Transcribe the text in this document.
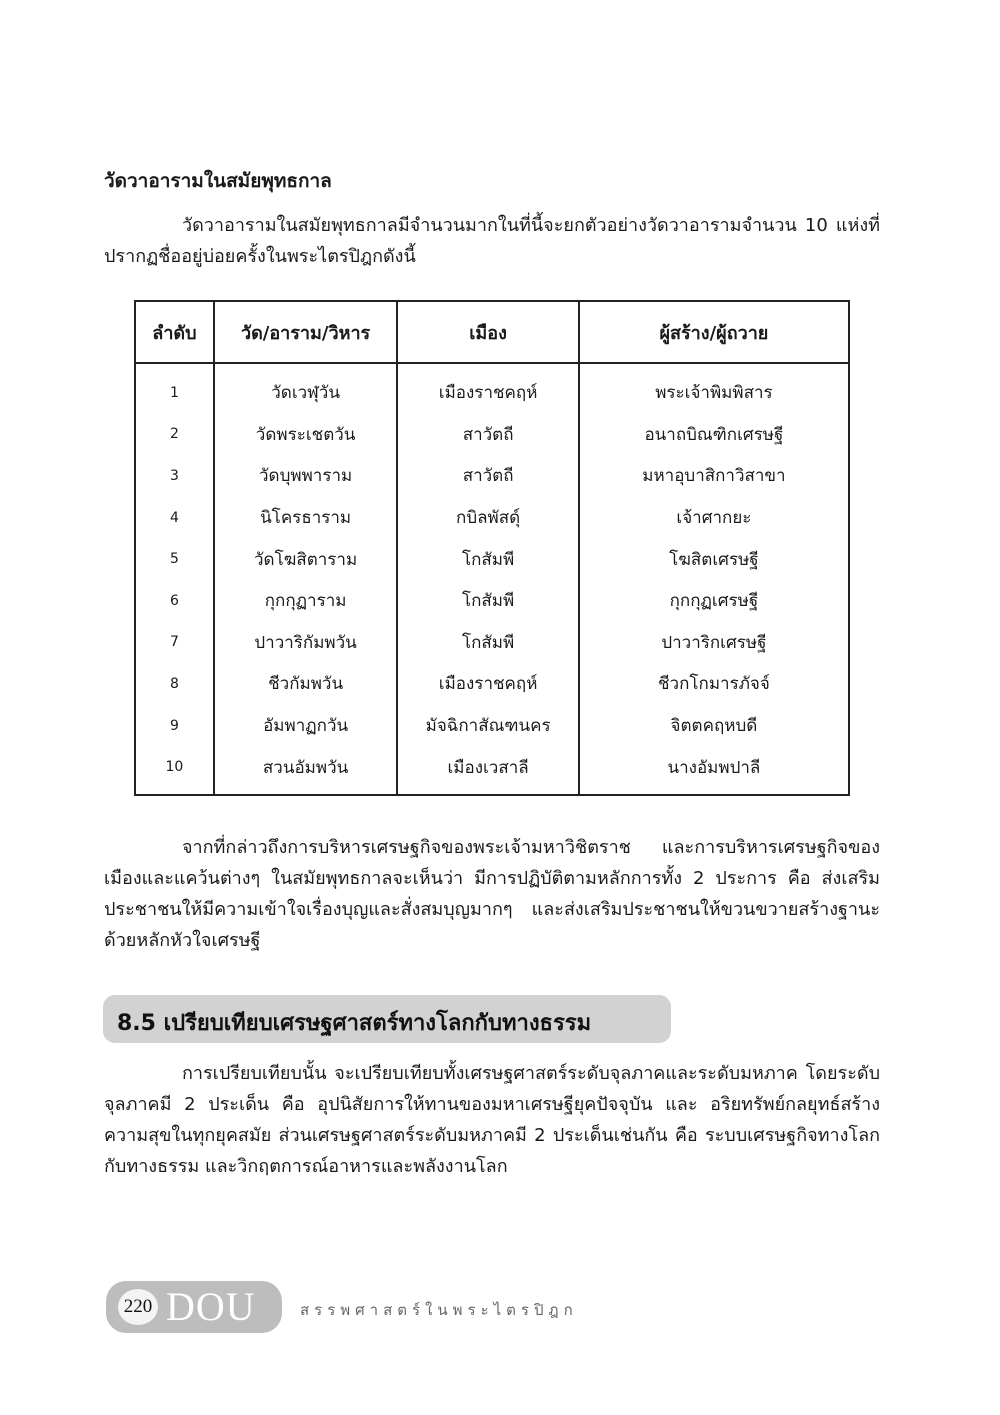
วัดวาอารามในสมัยพุทธกาล

วัดวาอารามในสมัยพุทธกาลมีจำนวนมากในที่นี้จะยกตัวอย่างวัดวาอารามจำนวน 10 แห่งที่ปรากฏชื่ออยู่บ่อยครั้งในพระไตรปิฎกดังนี้

ลำดับ	วัด/อาราม/วิหาร	เมือง	ผู้สร้าง/ผู้ถวาย
1	วัดเวฬุวัน	เมืองราชคฤห์	พระเจ้าพิมพิสาร
2	วัดพระเชตวัน	สาวัตถี	อนาถบิณฑิกเศรษฐี
3	วัดบุพพาราม	สาวัตถี	มหาอุบาสิกาวิสาขา
4	นิโครธาราม	กบิลพัสดุ์	เจ้าศากยะ
5	วัดโฆสิตาราม	โกสัมพี	โฆสิตเศรษฐี
6	กุกกุฏาราม	โกสัมพี	กุกกุฏเศรษฐี
7	ปาวาริกัมพวัน	โกสัมพี	ปาวาริกเศรษฐี
8	ชีวกัมพวัน	เมืองราชคฤห์	ชีวกโกมารภัจจ์
9	อัมพาฏกวัน	มัจฉิกาสัณฑนคร	จิตตคฤหบดี
10	สวนอัมพวัน	เมืองเวสาลี	นางอัมพปาลี

จากที่กล่าวถึงการบริหารเศรษฐกิจของพระเจ้ามหาวิชิตราช และการบริหารเศรษฐกิจของเมืองและแคว้นต่างๆ ในสมัยพุทธกาลจะเห็นว่า มีการปฏิบัติตามหลักการทั้ง 2 ประการ คือ ส่งเสริมประชาชนให้มีความเข้าใจเรื่องบุญและสั่งสมบุญมากๆ และส่งเสริมประชาชนให้ขวนขวายสร้างฐานะด้วยหลักหัวใจเศรษฐี

8.5 เปรียบเทียบเศรษฐศาสตร์ทางโลกกับทางธรรม

การเปรียบเทียบนั้น จะเปรียบเทียบทั้งเศรษฐศาสตร์ระดับจุลภาคและระดับมหภาค โดยระดับจุลภาคมี 2 ประเด็น คือ อุปนิสัยการให้ทานของมหาเศรษฐียุคปัจจุบัน และ อริยทรัพย์กลยุทธ์สร้างความสุขในทุกยุคสมัย ส่วนเศรษฐศาสตร์ระดับมหภาคมี 2 ประเด็นเช่นกัน คือ ระบบเศรษฐกิจทางโลกกับทางธรรม และวิกฤตการณ์อาหารและพลังงานโลก

220 DOU	สรรพศาสตร์ในพระไตรปิฎก
